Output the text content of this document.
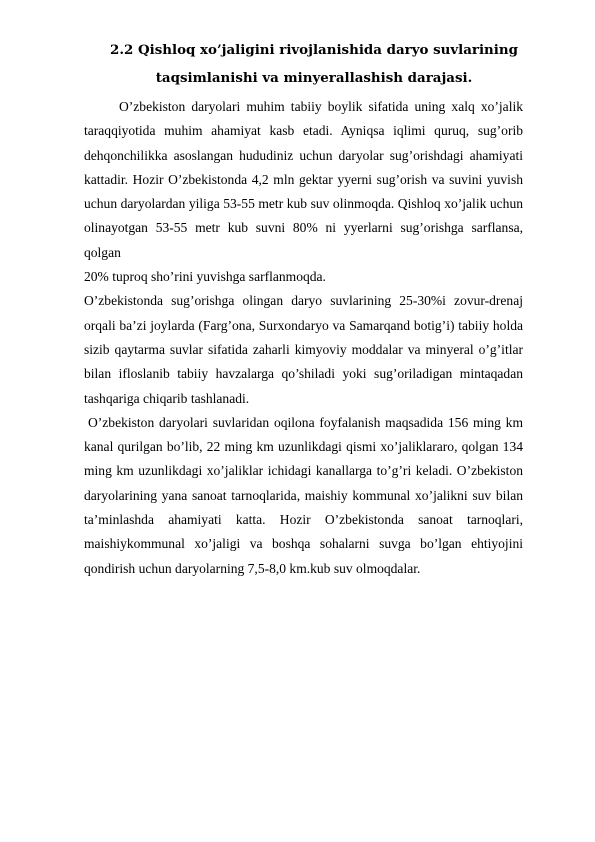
2.2 Qishloq xo’jaligini rivojlanishida daryo suvlarining
taqsimlanishi va minyerallashish darajasi.

O’zbekiston daryolari muhim tabiiy boylik sifatida uning xalq xo’jalik taraqqiyotida muhim ahamiyat kasb etadi. Ayniqsa iqlimi quruq, sug’orib dehqonchilikka asoslangan hududiniz uchun daryolar sug’orishdagi ahamiyati kattadir. Hozir O’zbekistonda 4,2 mln gektar yyerni sug’orish va suvini yuvish uchun daryolardan yiliga 53-55 metr kub suv olinmoqda. Qishloq xo’jalik uchun olinayotgan 53-55 metr kub suvni 80% ni yyerlarni sug’orishga sarflansa, qolgan

20% tuproq sho’rini yuvishga sarflanmoqda.

O’zbekistonda sug’orishga olingan daryo suvlarining 25-30%i zovur-drenaj orqali ba’zi joylarda (Farg’ona, Surxondaryo va Samarqand botig’i) tabiiy holda sizib qaytarma suvlar sifatida zaharli kimyoviy moddalar va minyeral o’g’itlar bilan ifloslanib tabiiy havzalarga qo’shiladi yoki sug’oriladigan mintaqadan tashqariga chiqarib tashlanadi.

O’zbekiston daryolari suvlaridan oqilona foyfalanish maqsadida 156 ming km kanal qurilgan bo’lib, 22 ming km uzunlikdagi qismi xo’jaliklararo, qolgan 134 ming km uzunlikdagi xo’jaliklar ichidagi kanallarga to’g’ri keladi. O’zbekiston daryolarining yana sanoat tarnoqlarida, maishiy kommunal xo’jalikni suv bilan ta’minlashda ahamiyati katta. Hozir O’zbekistonda sanoat tarnoqlari, maishiykommunal xo’jaligi va boshqa sohalarni suvga bo’lgan ehtiyojini qondirish uchun daryolarning 7,5-8,0 km.kub suv olmoqdalar.
